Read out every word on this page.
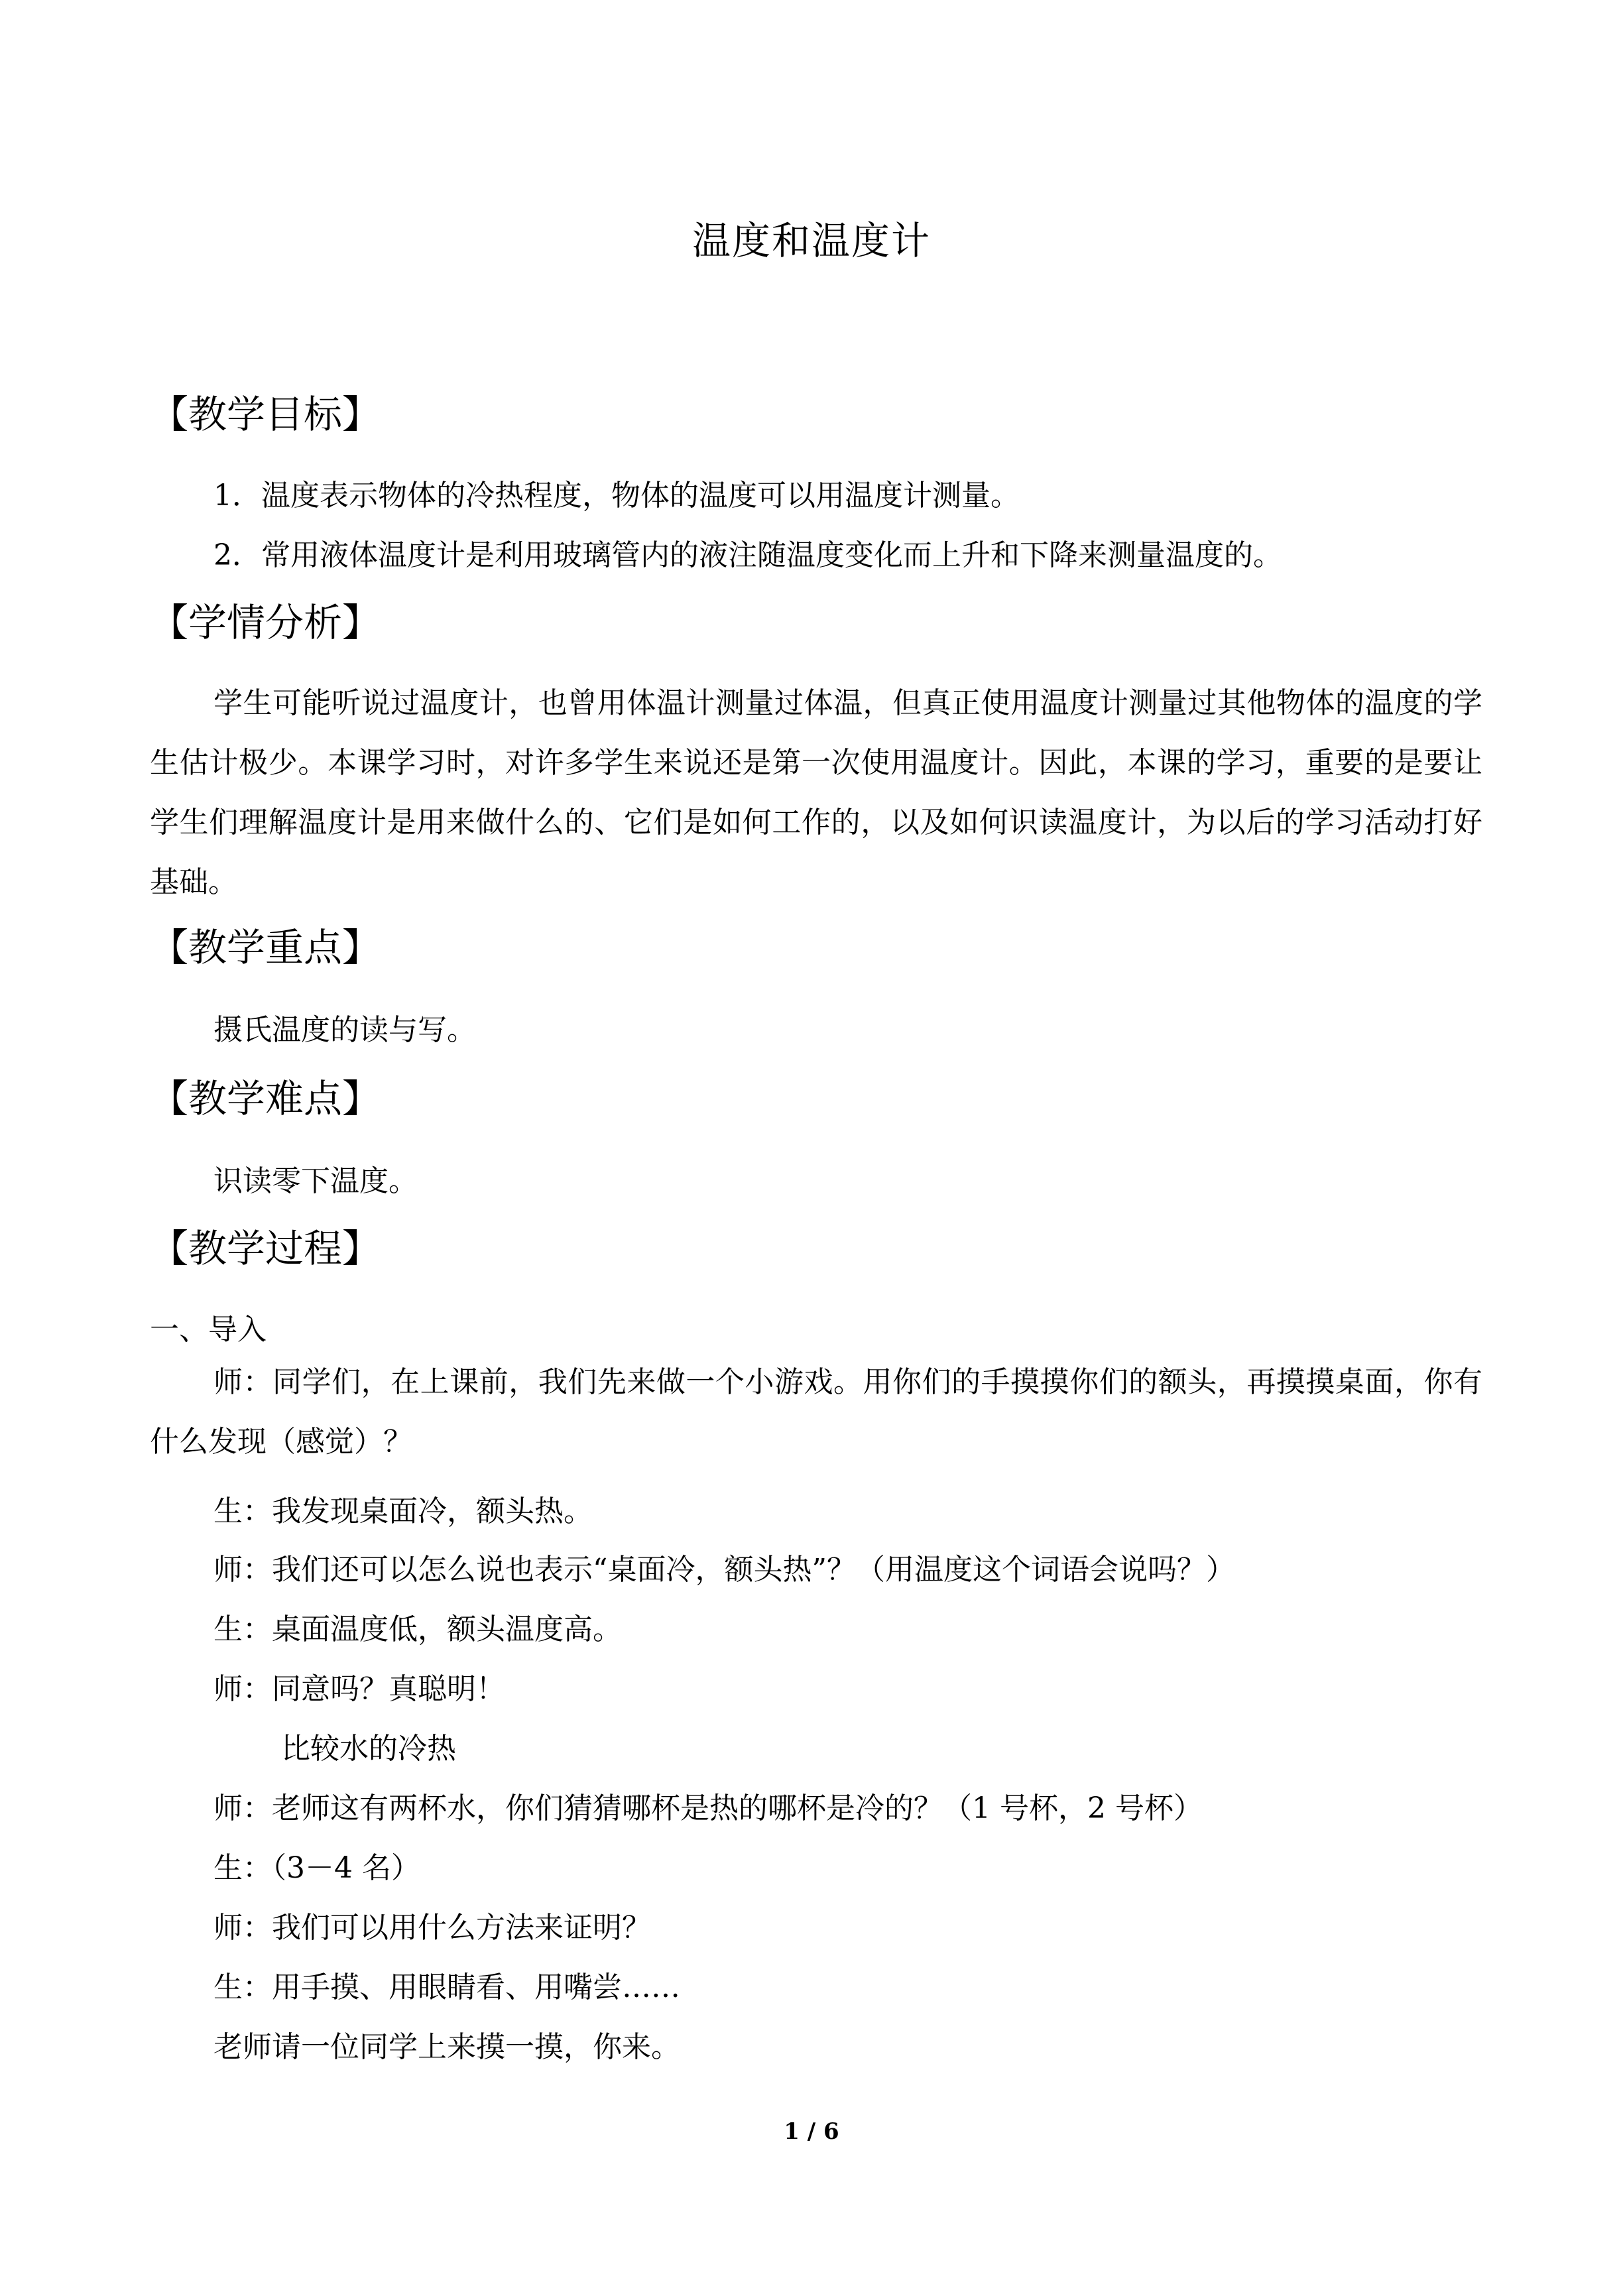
温度和温度计
【教学目标】
1．温度表示物体的冷热程度，物体的温度可以用温度计测量。
2．常用液体温度计是利用玻璃管内的液注随温度变化而上升和下降来测量温度的。
【学情分析】
学生可能听说过温度计，也曾用体温计测量过体温，但真正使用温度计测量过其他物体的温度的学生估计极少。本课学习时，对许多学生来说还是第一次使用温度计。因此，本课的学习，重要的是要让学生们理解温度计是用来做什么的、它们是如何工作的，以及如何识读温度计，为以后的学习活动打好基础。
【教学重点】
摄氏温度的读与写。
【教学难点】
识读零下温度。
【教学过程】
一、导入
师：同学们，在上课前，我们先来做一个小游戏。用你们的手摸摸你们的额头，再摸摸桌面，你有什么发现（感觉）？
生：我发现桌面冷，额头热。
师：我们还可以怎么说也表示“桌面冷，额头热”？（用温度这个词语会说吗？）
生：桌面温度低，额头温度高。
师：同意吗？真聪明！
比较水的冷热
师：老师这有两杯水，你们猜猜哪杯是热的哪杯是冷的？（1 号杯，2 号杯）
生：（3－4 名）
师：我们可以用什么方法来证明？
生：用手摸、用眼睛看、用嘴尝……
老师请一位同学上来摸一摸，你来。
1 / 6
